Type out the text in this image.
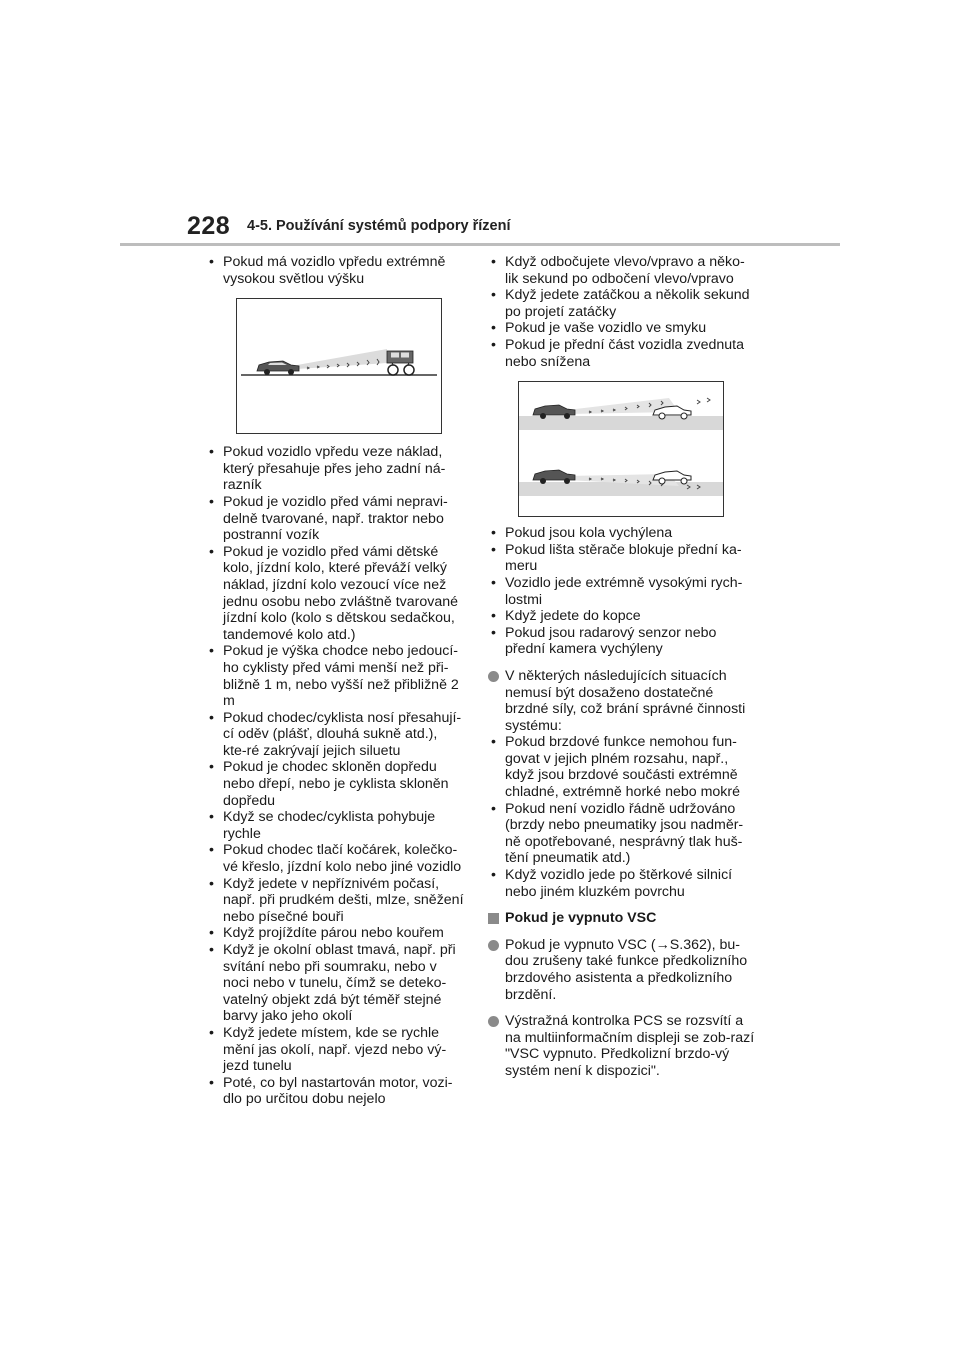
228 4-5. Používání systémů podpory řízení
• Pokud má vozidlo vpředu extrémně vysokou světlou výšku
• Pokud vozidlo vpředu veze náklad, který přesahuje přes jeho zadní ná-razník
• Pokud je vozidlo před vámi nepravi-delně tvarované, např. traktor nebo postranní vozík
• Pokud je vozidlo před vámi dětské kolo, jízdní kolo, které převáží velký náklad, jízdní kolo vezoucí více než jednu osobu nebo zvláštně tvarované jízdní kolo (kolo s dětskou sedačkou, tandemové kolo atd.)
• Pokud je výška chodce nebo jedoucí-ho cyklisty před vámi menší než při-bližně 1 m, nebo vyšší než přibližně 2 m
• Pokud chodec/cyklista nosí přesahují-cí oděv (plášť, dlouhá sukně atd.), kte-ré zakrývají jejich siluetu
• Pokud je chodec skloněn dopředu nebo dřepí, nebo je cyklista skloněn dopředu
• Když se chodec/cyklista pohybuje rychle
• Pokud chodec tlačí kočárek, kolečko-vé křeslo, jízdní kolo nebo jiné vozidlo
• Když jedete v nepříznivém počasí, např. při prudkém dešti, mlze, sněžení nebo písečné bouři
• Když projíždíte párou nebo kouřem
• Když je okolní oblast tmavá, např. při svítání nebo při soumraku, nebo v noci nebo v tunelu, čímž se deteko-vatelný objekt zdá být téměř stejné barvy jako jeho okolí
• Když jedete místem, kde se rychle mění jas okolí, např. vjezd nebo vý-jezd tunelu
• Poté, co byl nastartován motor, vozi-dlo po určitou dobu nejelo
• Když odbočujete vlevo/vpravo a něko-lik sekund po odbočení vlevo/vpravo
• Když jedete zatáčkou a několik sekund po projetí zatáčky
• Pokud je vaše vozidlo ve smyku
• Pokud je přední část vozidla zvednuta nebo snížena
• Pokud jsou kola vychýlena
• Pokud lišta stěrače blokuje přední ka-meru
• Vozidlo jede extrémně vysokými rych-lostmi
• Když jedete do kopce
• Pokud jsou radarový senzor nebo přední kamera vychýleny
V některých následujících situacích nemusí být dosaženo dostatečné brzdné síly, což brání správné činnosti systému:
• Pokud brzdové funkce nemohou fun-govat v jejich plném rozsahu, např., když jsou brzdové součásti extrémně chladné, extrémně horké nebo mokré
• Pokud není vozidlo řádně udržováno (brzdy nebo pneumatiky jsou nadměr-ně opotřebované, nesprávný tlak huš-tění pneumatik atd.)
• Když vozidlo jede po štěrkové silnicí nebo jiném kluzkém povrchu
Pokud je vypnuto VSC
Pokud je vypnuto VSC (→S.362), bu-dou zrušeny také funkce předkolizního brzdového asistenta a předkolizního brzdění.
Výstražná kontrolka PCS se rozsvítí a na multiinformačním displeji se zob-razí "VSC vypnuto. Předkolizní brzdo-vý systém není k dispozici".
